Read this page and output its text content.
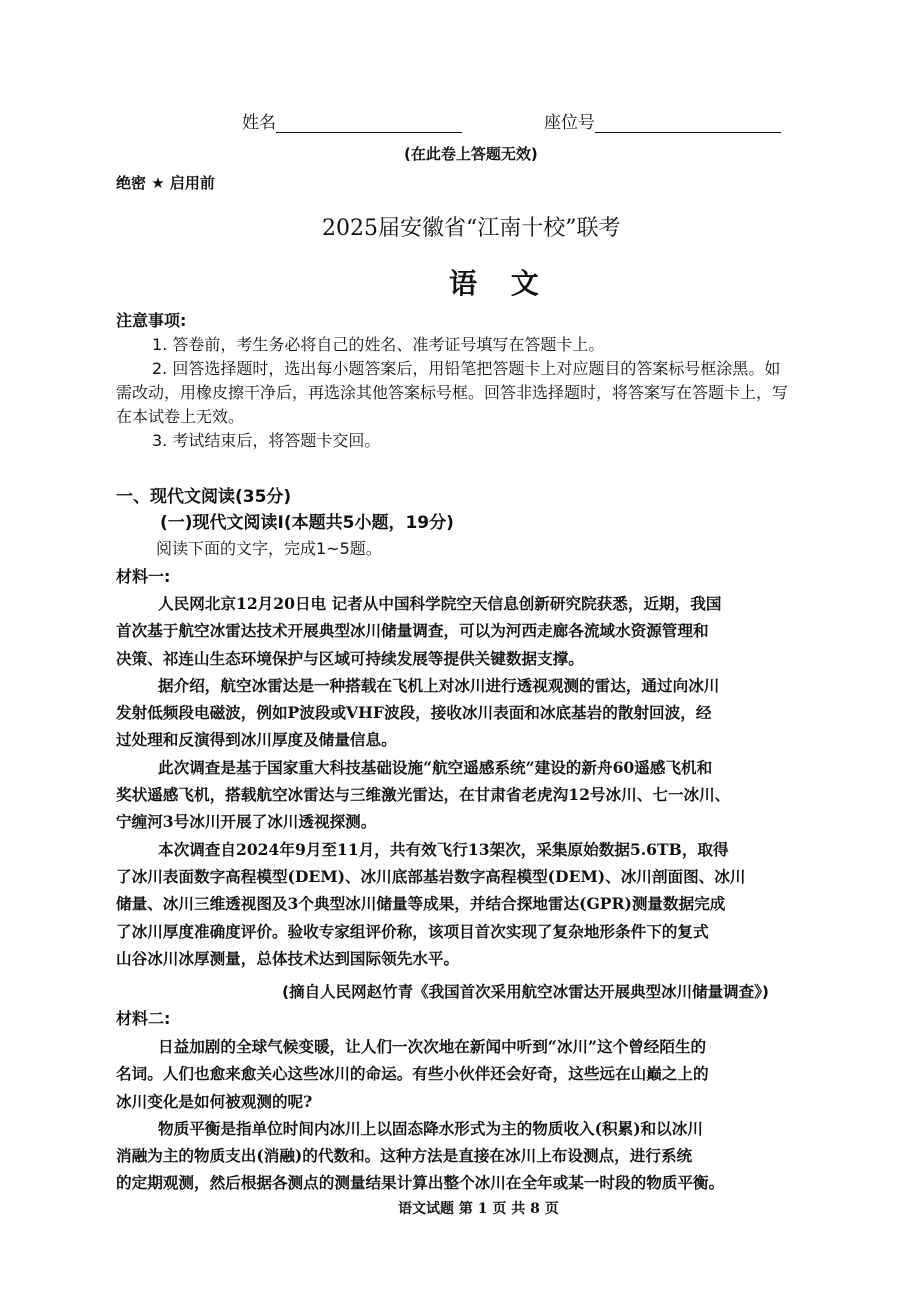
姓名	座位号
(在此卷上答题无效)
绝密 ★ 启用前
2025届安徽省“江南十校”联考
语 文
注意事项:
1. 答卷前，考生务必将自己的姓名、准考证号填写在答题卡上。
2. 回答选择题时，选出每小题答案后，用铅笔把答题卡上对应题目的答案标号框涂黑。如
需改动，用橡皮擦干净后，再选涂其他答案标号框。回答非选择题时，将答案写在答题卡上，写
在本试卷上无效。
3. 考试结束后，将答题卡交回。
一、现代文阅读(35分)
(一)现代文阅读I(本题共5小题，19分)
阅读下面的文字，完成1~5题。
材料一:
人民网北京12月20日电 记者从中国科学院空天信息创新研究院获悉，近期，我国
首次基于航空冰雷达技术开展典型冰川储量调查，可以为河西走廊各流域水资源管理和
决策、祁连山生态环境保护与区域可持续发展等提供关键数据支撑。
据介绍，航空冰雷达是一种搭载在飞机上对冰川进行透视观测的雷达，通过向冰川
发射低频段电磁波，例如P波段或VHF波段，接收冰川表面和冰底基岩的散射回波，经
过处理和反演得到冰川厚度及储量信息。
此次调查是基于国家重大科技基础设施“航空遥感系统”建设的新舟60遥感飞机和
奖状遥感飞机，搭载航空冰雷达与三维激光雷达，在甘肃省老虎沟12号冰川、七一冰川、
宁缠河3号冰川开展了冰川透视探测。
本次调查自2024年9月至11月，共有效飞行13架次，采集原始数据5.6TB，取得
了冰川表面数字高程模型(DEM)、冰川底部基岩数字高程模型(DEM)、冰川剖面图、冰川
储量、冰川三维透视图及3个典型冰川储量等成果，并结合探地雷达(GPR)测量数据完成
了冰川厚度准确度评价。验收专家组评价称，该项目首次实现了复杂地形条件下的复式
山谷冰川冰厚测量，总体技术达到国际领先水平。
(摘自人民网赵竹青《我国首次采用航空冰雷达开展典型冰川储量调查》)
材料二:
日益加剧的全球气候变暖，让人们一次次地在新闻中听到“冰川”这个曾经陌生的
名词。人们也愈来愈关心这些冰川的命运。有些小伙伴还会好奇，这些远在山巅之上的
冰川变化是如何被观测的呢?
物质平衡是指单位时间内冰川上以固态降水形式为主的物质收入(积累)和以冰川
消融为主的物质支出(消融)的代数和。这种方法是直接在冰川上布设测点，进行系统
的定期观测，然后根据各测点的测量结果计算出整个冰川在全年或某一时段的物质平衡。
语文试题 第 1 页 共 8 页
